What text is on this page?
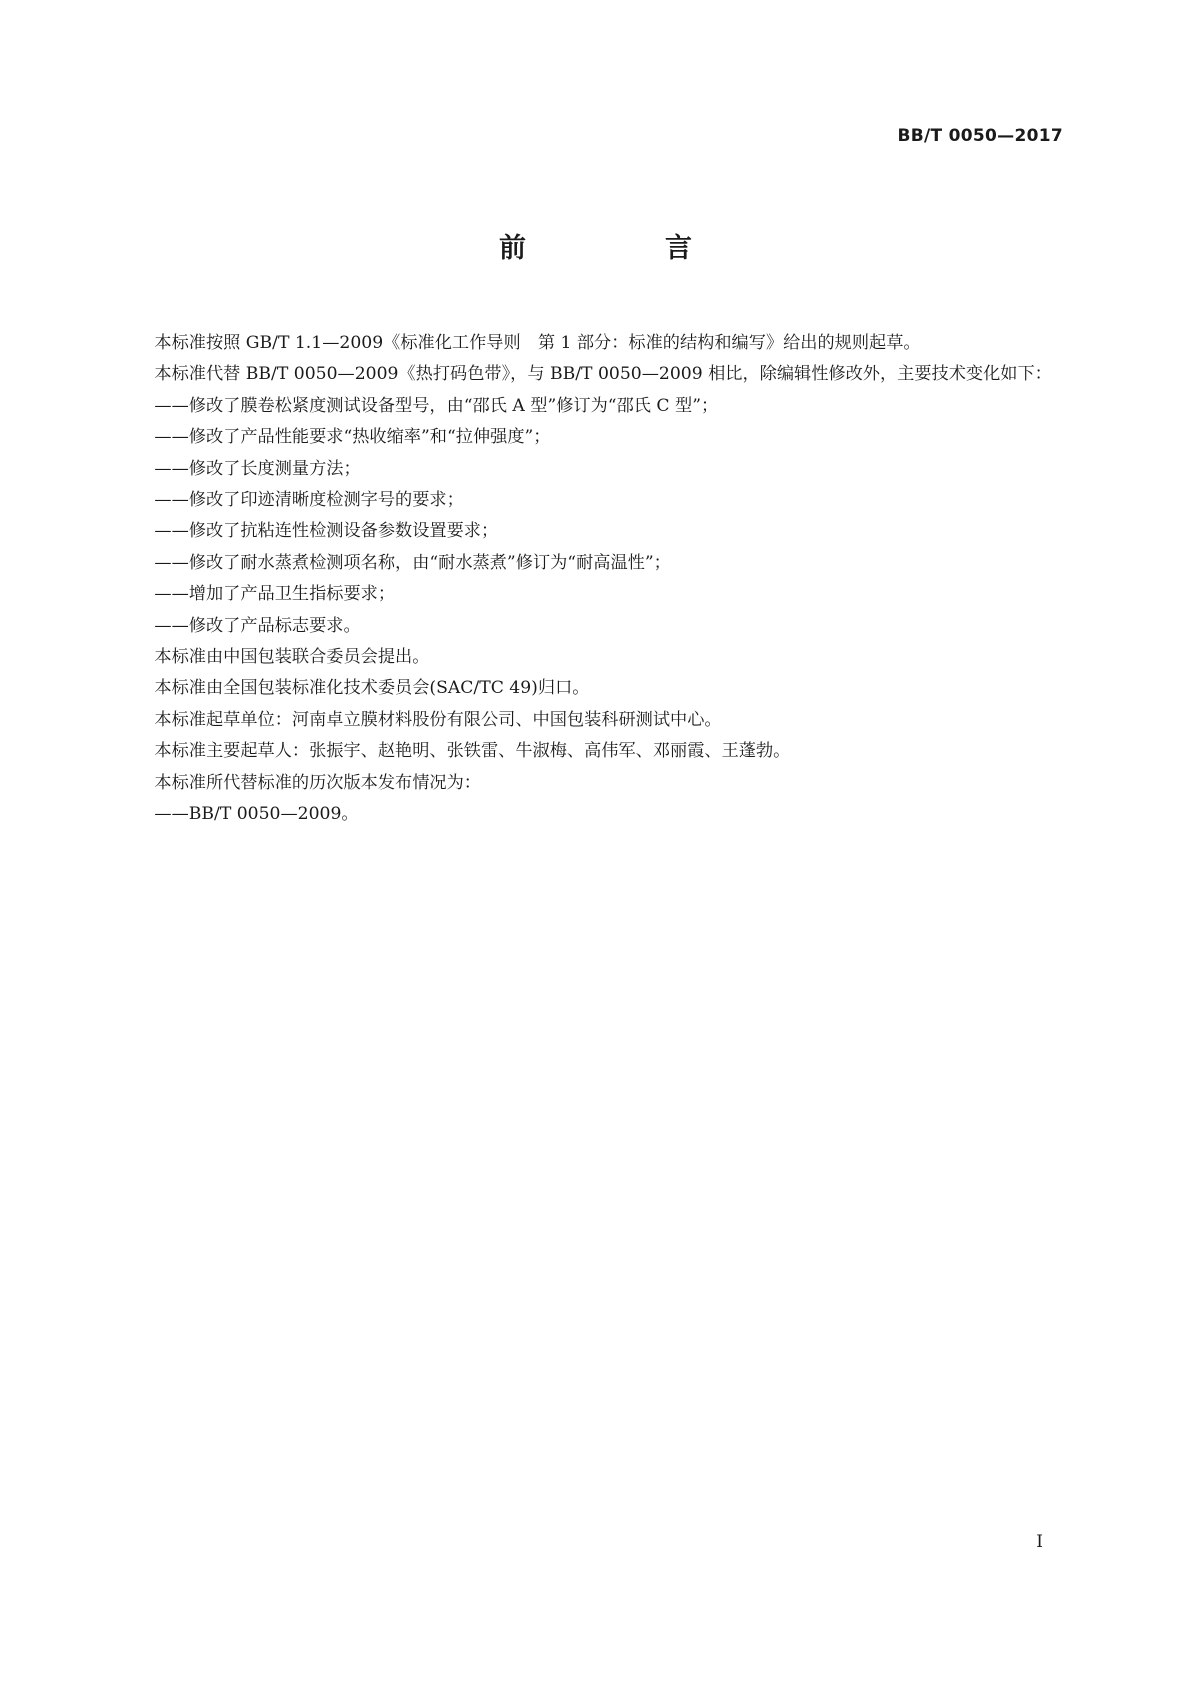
BB/T 0050—2017
前　言

本标准按照 GB/T 1.1—2009《标准化工作导则　第 1 部分：标准的结构和编写》给出的规则起草。

本标准代替 BB/T 0050—2009《热打码色带》，与 BB/T 0050—2009 相比，除编辑性修改外，主要技术变化如下：

——修改了膜卷松紧度测试设备型号，由“邵氏 A 型”修订为“邵氏 C 型”；

——修改了产品性能要求“热收缩率”和“拉伸强度”；

——修改了长度测量方法；

——修改了印迹清晰度检测字号的要求；

——修改了抗粘连性检测设备参数设置要求；

——修改了耐水蒸煮检测项名称，由“耐水蒸煮”修订为“耐高温性”；

——增加了产品卫生指标要求；

——修改了产品标志要求。

本标准由中国包装联合委员会提出。

本标准由全国包装标准化技术委员会(SAC/TC 49)归口。

本标准起草单位：河南卓立膜材料股份有限公司、中国包装科研测试中心。

本标准主要起草人：张振宇、赵艳明、张铁雷、牛淑梅、高伟军、邓丽霞、王蓬勃。

本标准所代替标准的历次版本发布情况为：

——BB/T 0050—2009。

I
